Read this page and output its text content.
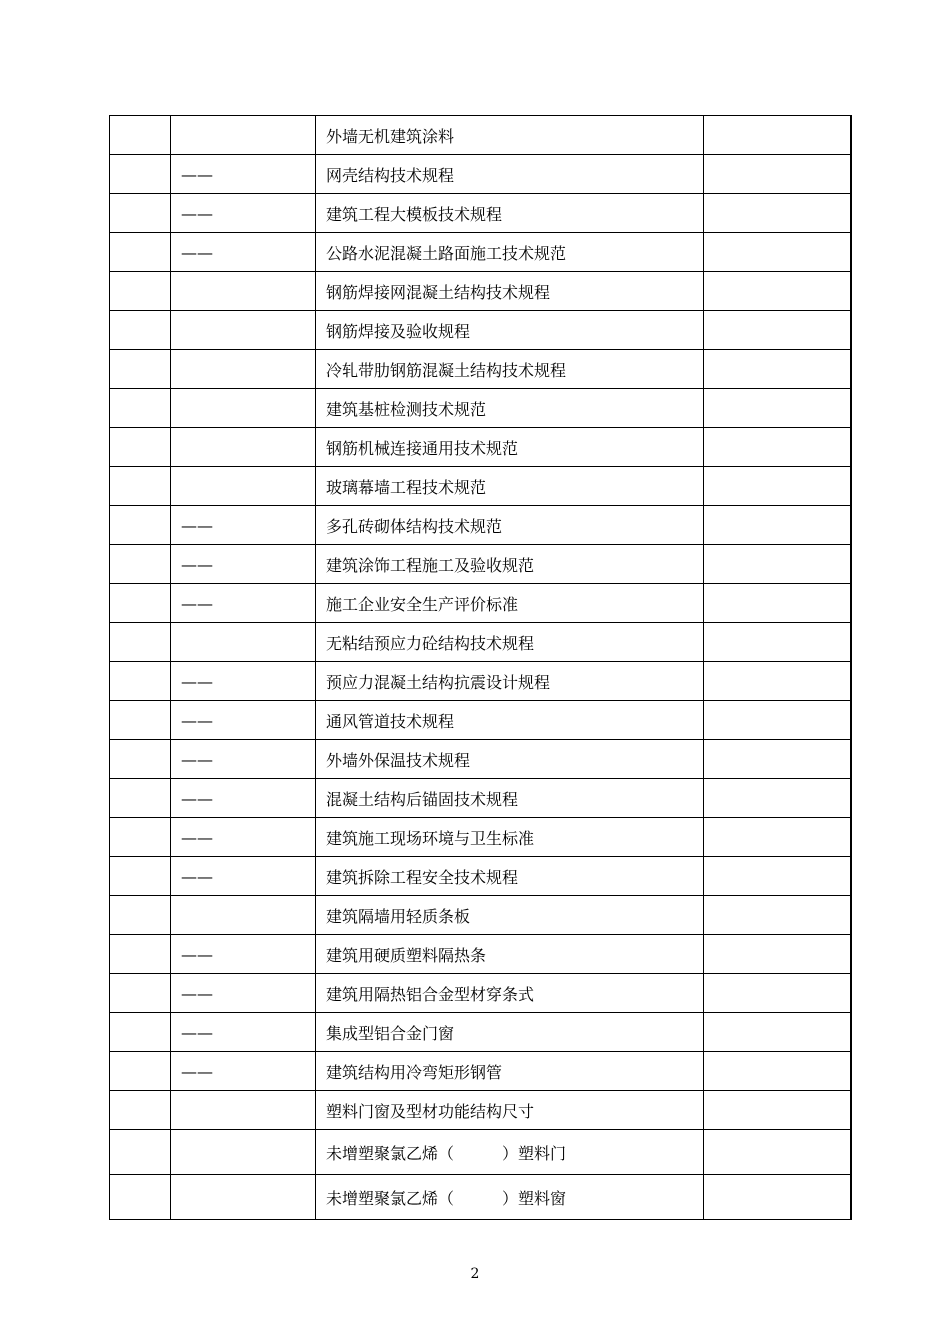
		外墙无机建筑涂料	
	——	网壳结构技术规程	
	——	建筑工程大模板技术规程	
	——	公路水泥混凝土路面施工技术规范	
		钢筋焊接网混凝土结构技术规程	
		钢筋焊接及验收规程	
		冷轧带肋钢筋混凝土结构技术规程	
		建筑基桩检测技术规范	
		钢筋机械连接通用技术规范	
		玻璃幕墙工程技术规范	
	——	多孔砖砌体结构技术规范	
	——	建筑涂饰工程施工及验收规范	
	——	施工企业安全生产评价标准	
		无粘结预应力砼结构技术规程	
	——	预应力混凝土结构抗震设计规程	
	——	通风管道技术规程	
	——	外墙外保温技术规程	
	——	混凝土结构后锚固技术规程	
	——	建筑施工现场环境与卫生标准	
	——	建筑拆除工程安全技术规程	
		建筑隔墙用轻质条板	
	——	建筑用硬质塑料隔热条	
	——	建筑用隔热铝合金型材穿条式	
	——	集成型铝合金门窗	
	——	建筑结构用冷弯矩形钢管	
		塑料门窗及型材功能结构尺寸	
		未增塑聚氯乙烯（　　　）塑料门	
		未增塑聚氯乙烯（　　　）塑料窗	
2
